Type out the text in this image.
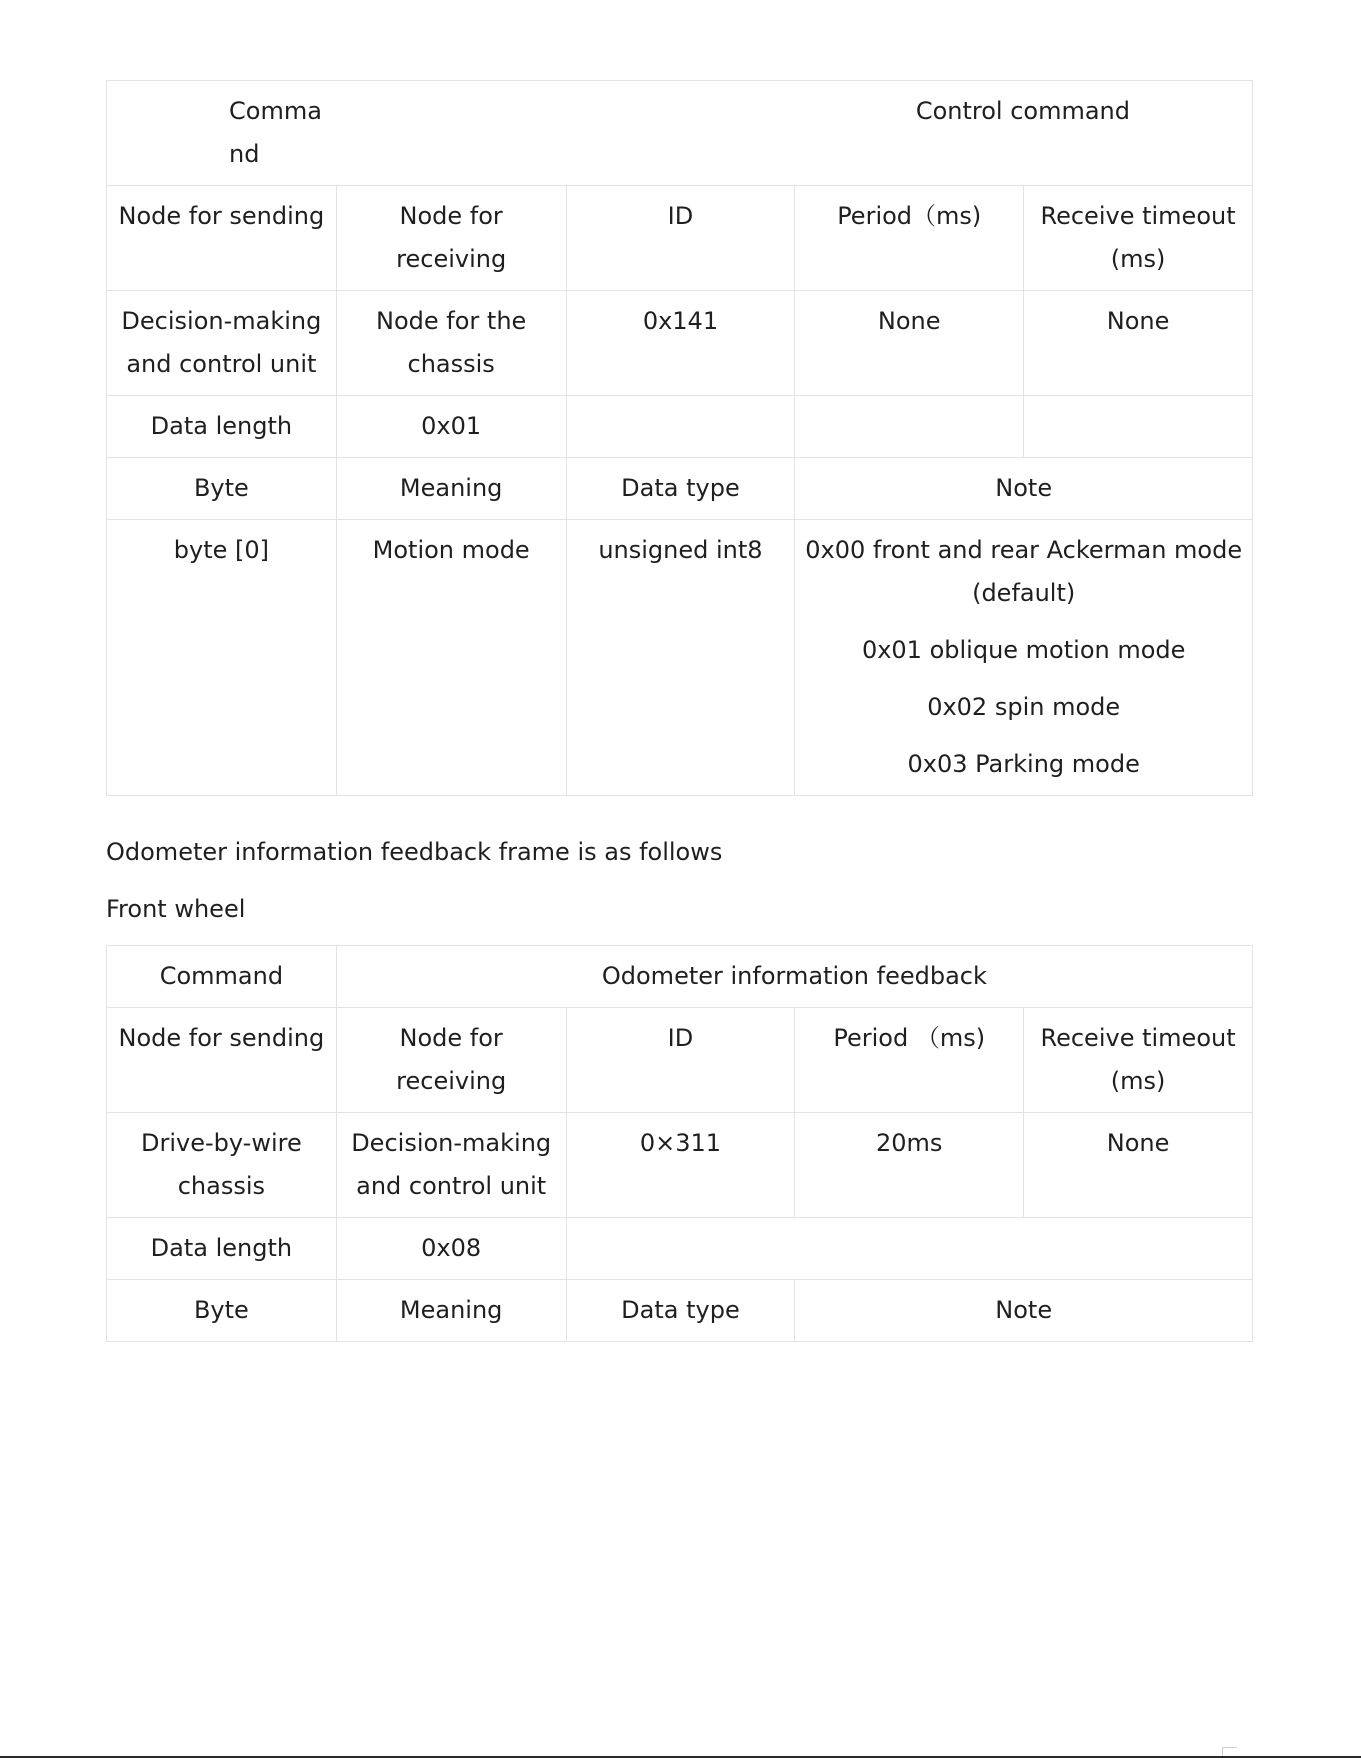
Command	Control command			
Node for sending	Node for receiving	ID	Period（ms)	Receive timeout (ms)
Decision-making and control unit	Node for the chassis	0x141	None	None
Data length	0x01			
Byte	Meaning	Data type	Note	
byte [0]	Motion mode	unsigned int8	0x00 front and rear Ackerman mode (default)
0x01 oblique motion mode
0x02 spin mode
0x03 Parking mode	

Odometer information feedback frame is as follows

Front wheel

Command	Odometer information feedback			
Node for sending	Node for receiving	ID	Period （ms)	Receive timeout (ms)
Drive-by-wire chassis	Decision-making and control unit	0×311	20ms	None
Data length	0x08			
Byte	Meaning	Data type	Note	
